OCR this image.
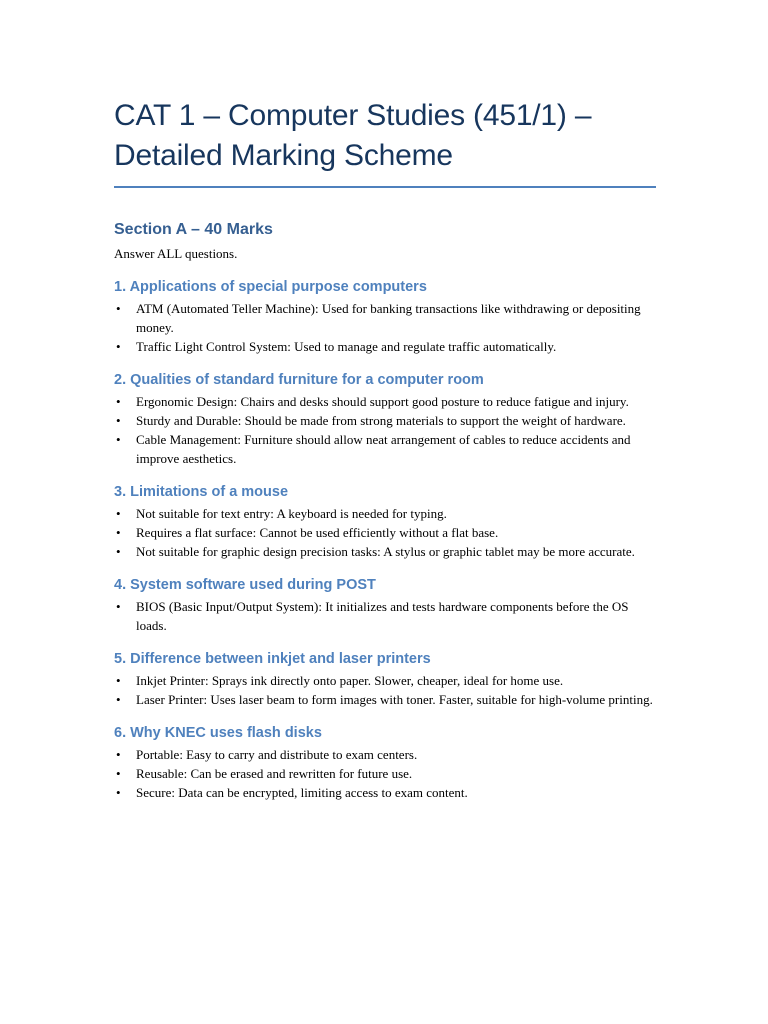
CAT 1 – Computer Studies (451/1) –
Detailed Marking Scheme
Section A – 40 Marks

Answer ALL questions.

1. Applications of special purpose computers
• ATM (Automated Teller Machine): Used for banking transactions like withdrawing or depositing money.
• Traffic Light Control System: Used to manage and regulate traffic automatically.
2. Qualities of standard furniture for a computer room
• Ergonomic Design: Chairs and desks should support good posture to reduce fatigue and injury.
• Sturdy and Durable: Should be made from strong materials to support the weight of hardware.
• Cable Management: Furniture should allow neat arrangement of cables to reduce accidents and improve aesthetics.
3. Limitations of a mouse
• Not suitable for text entry: A keyboard is needed for typing.
• Requires a flat surface: Cannot be used efficiently without a flat base.
• Not suitable for graphic design precision tasks: A stylus or graphic tablet may be more accurate.
4. System software used during POST
• BIOS (Basic Input/Output System): It initializes and tests hardware components before the OS loads.
5. Difference between inkjet and laser printers
• Inkjet Printer: Sprays ink directly onto paper. Slower, cheaper, ideal for home use.
• Laser Printer: Uses laser beam to form images with toner. Faster, suitable for high-volume printing.
6. Why KNEC uses flash disks
• Portable: Easy to carry and distribute to exam centers.
• Reusable: Can be erased and rewritten for future use.
• Secure: Data can be encrypted, limiting access to exam content.
